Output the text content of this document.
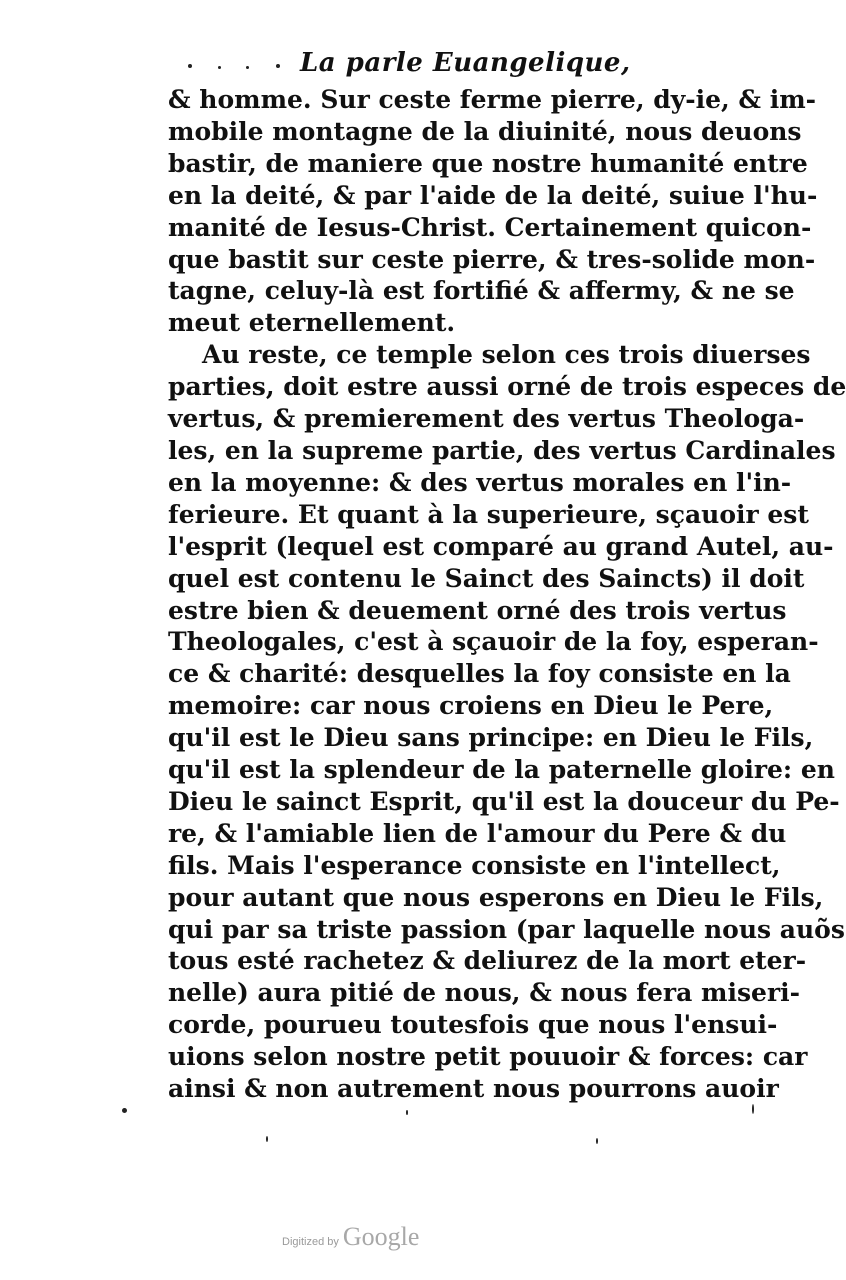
La parle Euangelique,
& homme. Sur ceste ferme pierre, dy-ie, & im-
mobile montagne de la diuinité, nous deuons
bastir, de maniere que nostre humanité entre
en la deité, & par l'aide de la deité, suiue l'hu-
manité de Iesus-Christ. Certainement quicon-
que bastit sur ceste pierre, & tres-solide mon-
tagne, celuy-là est fortifié & affermy, & ne se
meut eternellement.
Au reste, ce temple selon ces trois diuerses
parties, doit estre aussi orné de trois especes de
vertus, & premierement des vertus Theologa-
les, en la supreme partie, des vertus Cardinales
en la moyenne: & des vertus morales en l'in-
ferieure. Et quant à la superieure, sçauoir est
l'esprit (lequel est comparé au grand Autel, au-
quel est contenu le Sainct des Saincts) il doit
estre bien & deuement orné des trois vertus
Theologales, c'est à sçauoir de la foy, esperan-
ce & charité: desquelles la foy consiste en la
memoire: car nous croiens en Dieu le Pere,
qu'il est le Dieu sans principe: en Dieu le Fils,
qu'il est la splendeur de la paternelle gloire: en
Dieu le sainct Esprit, qu'il est la douceur du Pe-
re, & l'amiable lien de l'amour du Pere & du
fils. Mais l'esperance consiste en l'intellect,
pour autant que nous esperons en Dieu le Fils,
qui par sa triste passion (par laquelle nous auõs
tous esté rachetez & deliurez de la mort eter-
nelle) aura pitié de nous, & nous fera miseri-
corde, pourueu toutesfois que nous l'ensui-
uions selon nostre petit pouuoir & forces: car
ainsi & non autrement nous pourrons auoir
Digitized by Google
